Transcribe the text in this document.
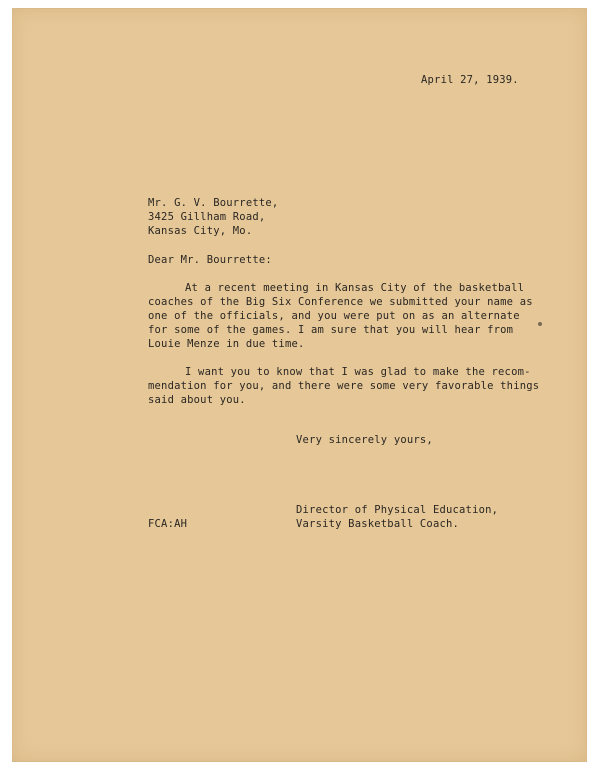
April 27, 1939.
Mr. G. V. Bourrette,
3425 Gillham Road,
Kansas City, Mo.
Dear Mr. Bourrette:
At a recent meeting in Kansas City of the basketball
coaches of the Big Six Conference we submitted your name as
one of the officials, and you were put on as an alternate
for some of the games. I am sure that you will hear from
Louie Menze in due time.
I want you to know that I was glad to make the recom-
mendation for you, and there were some very favorable things
said about you.
Very sincerely yours,
Director of Physical Education,
FCA:AH	Varsity Basketball Coach.
